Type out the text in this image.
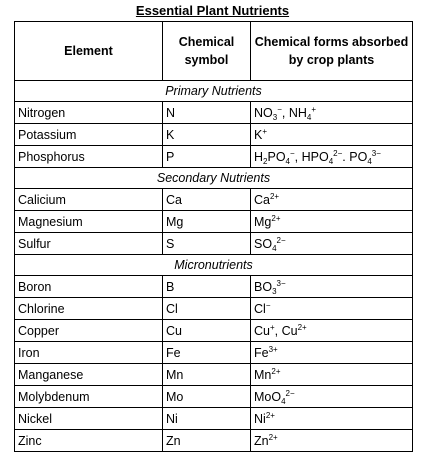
Essential Plant Nutrients
Element	Chemical symbol	Chemical forms absorbed by crop plants
Primary Nutrients		
Nitrogen	N	$NO_3^-$, $NH_4^+$
Potassium	K	K+
Phosphorus	P	$H_2PO_4^-$, $HPO_4^{2-}$. $PO_4^{3-}$
Secondary Nutrients		
Calicium	Ca	$Ca^{2+}$
Magnesium	Mg	$Mg^{2+}$
Sulfur	S	$SO_4^{2-}$
Micronutrients		
Boron	B	$BO_3^{3-}$
Chlorine	Cl	Cl−
Copper	Cu	Cu+, $Cu^{2+}$
Iron	Fe	$Fe^{3+}$
Manganese	Mn	$Mn^{2+}$
Molybdenum	Mo	MoO$_4^{2-}$
Nickel	Ni	$Ni^{2+}$
Zinc	Zn	$Zn^{2+}$
